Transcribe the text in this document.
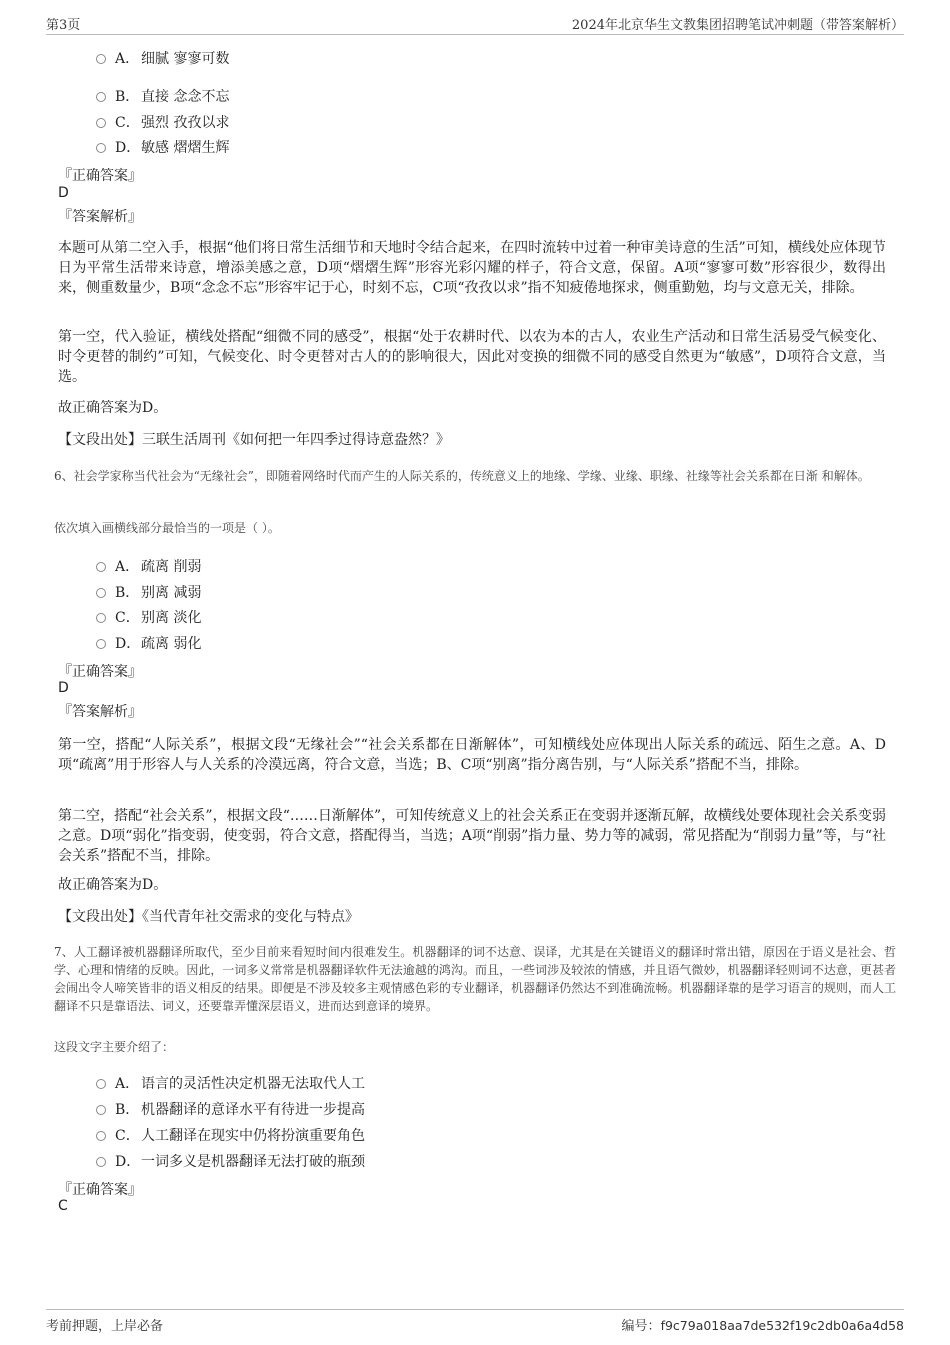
第3页	2024年北京华生文教集团招聘笔试冲刺题（带答案解析）
A． 细腻 寥寥可数
B． 直接 念念不忘
C．强烈 孜孜以求
D．敏感 熠熠生辉
『正确答案』
D
『答案解析』
本题可从第二空入手，根据“他们将日常生活细节和天地时令结合起来，在四时流转中过着一种审美诗意的生活”可知，横线处应体现节日为平常生活带来诗意，增添美感之意，D项“熠熠生辉”形容光彩闪耀的样子，符合文意，保留。A项“寥寥可数”形容很少，数得出来，侧重数量少，B项“念念不忘”形容牢记于心，时刻不忘，C项“孜孜以求”指不知疲倦地探求，侧重勤勉，均与文意无关，排除。
第一空，代入验证，横线处搭配“细微不同的感受”，根据“处于农耕时代、以农为本的古人，农业生产活动和日常生活易受气候变化、时令更替的制约”可知，气候变化、时令更替对古人的的影响很大，因此对变换的细微不同的感受自然更为“敏感”，D项符合文意，当选。
故正确答案为D。
【文段出处】三联生活周刊《如何把一年四季过得诗意盎然？》
6、社会学家称当代社会为“无缘社会”，即随着网络时代而产生的人际关系的，传统意义上的地缘、学缘、业缘、职缘、社缘等社会关系都在日渐 和解体。
依次填入画横线部分最恰当的一项是（ ）。
A． 疏离 削弱
B． 别离 减弱
C．别离 淡化
D．疏离 弱化
『正确答案』
D
『答案解析』
第一空，搭配“人际关系”，根据文段“无缘社会”“社会关系都在日渐解体”，可知横线处应体现出人际关系的疏远、陌生之意。A、D项“疏离”用于形容人与人关系的冷漠远离，符合文意，当选；B、C项“别离”指分离告别，与“人际关系”搭配不当，排除。
第二空，搭配“社会关系”，根据文段“……日渐解体”，可知传统意义上的社会关系正在变弱并逐渐瓦解，故横线处要体现社会关系变弱之意。D项“弱化”指变弱，使变弱，符合文意，搭配得当，当选；A项“削弱”指力量、势力等的减弱，常见搭配为“削弱力量”等，与“社会关系”搭配不当，排除。
故正确答案为D。
【文段出处】《当代青年社交需求的变化与特点》
7、人工翻译被机器翻译所取代，至少目前来看短时间内很难发生。机器翻译的词不达意、误译，尤其是在关键语义的翻译时常出错，原因在于语义是社会、哲学、心理和情绪的反映。因此，一词多义常常是机器翻译软件无法逾越的鸿沟。而且，一些词涉及较浓的情感，并且语气微妙，机器翻译轻则词不达意，更甚者会闹出令人啼笑皆非的语义相反的结果。即便是不涉及较多主观情感色彩的专业翻译，机器翻译仍然达不到准确流畅。机器翻译靠的是学习语言的规则，而人工翻译不只是靠语法、词义，还要靠弄懂深层语义，进而达到意译的境界。
这段文字主要介绍了：
A． 语言的灵活性决定机器无法取代人工
B． 机器翻译的意译水平有待进一步提高
C．人工翻译在现实中仍将扮演重要角色
D．一词多义是机器翻译无法打破的瓶颈
『正确答案』
C
考前押题，上岸必备	编号：f9c79a018aa7de532f19c2db0a6a4d58
